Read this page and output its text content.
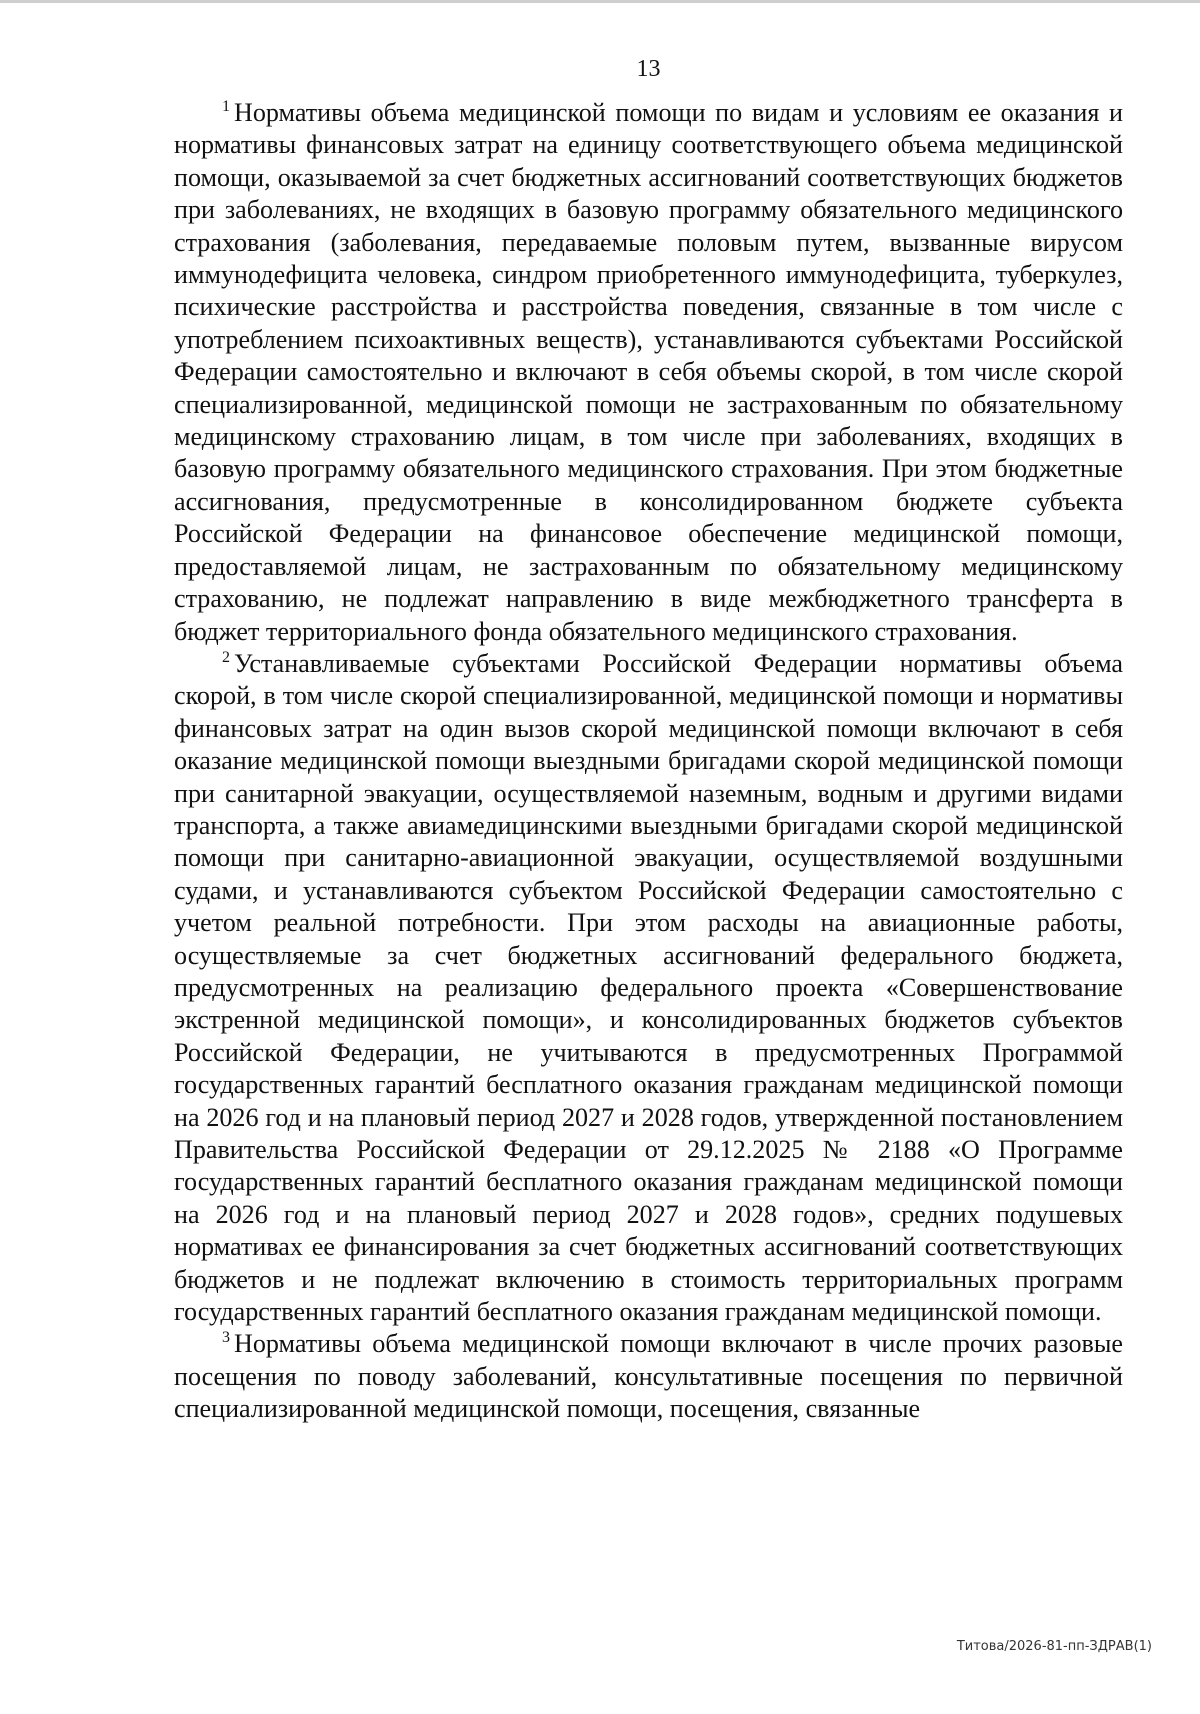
13

$^1$ Нормативы объема медицинской помощи по видам и условиям ее оказания и нормативы финансовых затрат на единицу соответствующего объема медицинской помощи, оказываемой за счет бюджетных ассигнований соответствующих бюджетов при заболеваниях, не входящих в базовую программу обязательного медицинского страхования (заболевания, передаваемые половым путем, вызванные вирусом иммунодефицита человека, синдром приобретенного иммунодефицита, туберкулез, психические расстройства и расстройства поведения, связанные в том числе с употреблением психоактивных веществ), устанавливаются субъектами Российской Федерации самостоятельно и включают в себя объемы скорой, в том числе скорой специализированной, медицинской помощи не застрахованным по обязательному медицинскому страхованию лицам, в том числе при заболеваниях, входящих в базовую программу обязательного медицинского страхования. При этом бюджетные ассигнования, предусмотренные в консолидированном бюджете субъекта Российской Федерации на финансовое обеспечение медицинской помощи, предоставляемой лицам, не застрахованным по обязательному медицинскому страхованию, не подлежат направлению в виде межбюджетного трансферта в бюджет территориального фонда обязательного медицинского страхования.

$^2$ Устанавливаемые субъектами Российской Федерации нормативы объема скорой, в том числе скорой специализированной, медицинской помощи и нормативы финансовых затрат на один вызов скорой медицинской помощи включают в себя оказание медицинской помощи выездными бригадами скорой медицинской помощи при санитарной эвакуации, осуществляемой наземным, водным и другими видами транспорта, а также авиамедицинскими выездными бригадами скорой медицинской помощи при санитарно-авиационной эвакуации, осуществляемой воздушными судами, и устанавливаются субъектом Российской Федерации самостоятельно с учетом реальной потребности. При этом расходы на авиационные работы, осуществляемые за счет бюджетных ассигнований федерального бюджета, предусмотренных на реализацию федерального проекта «Совершенствование экстренной медицинской помощи», и консолидированных бюджетов субъектов Российской Федерации, не учитываются в предусмотренных Программой государственных гарантий бесплатного оказания гражданам медицинской помощи на 2026 год и на плановый период 2027 и 2028 годов, утвержденной постановлением Правительства Российской Федерации от 29.12.2025 № 2188 «О Программе государственных гарантий бесплатного оказания гражданам медицинской помощи на 2026 год и на плановый период 2027 и 2028 годов», средних подушевых нормативах ее финансирования за счет бюджетных ассигнований соответствующих бюджетов и не подлежат включению в стоимость территориальных программ государственных гарантий бесплатного оказания гражданам медицинской помощи.

$^3$ Нормативы объема медицинской помощи включают в числе прочих разовые посещения по поводу заболеваний, консультативные посещения по первичной специализированной медицинской помощи, посещения, связанные

Титова/2026-81-пп-ЗДРАВ(1)
